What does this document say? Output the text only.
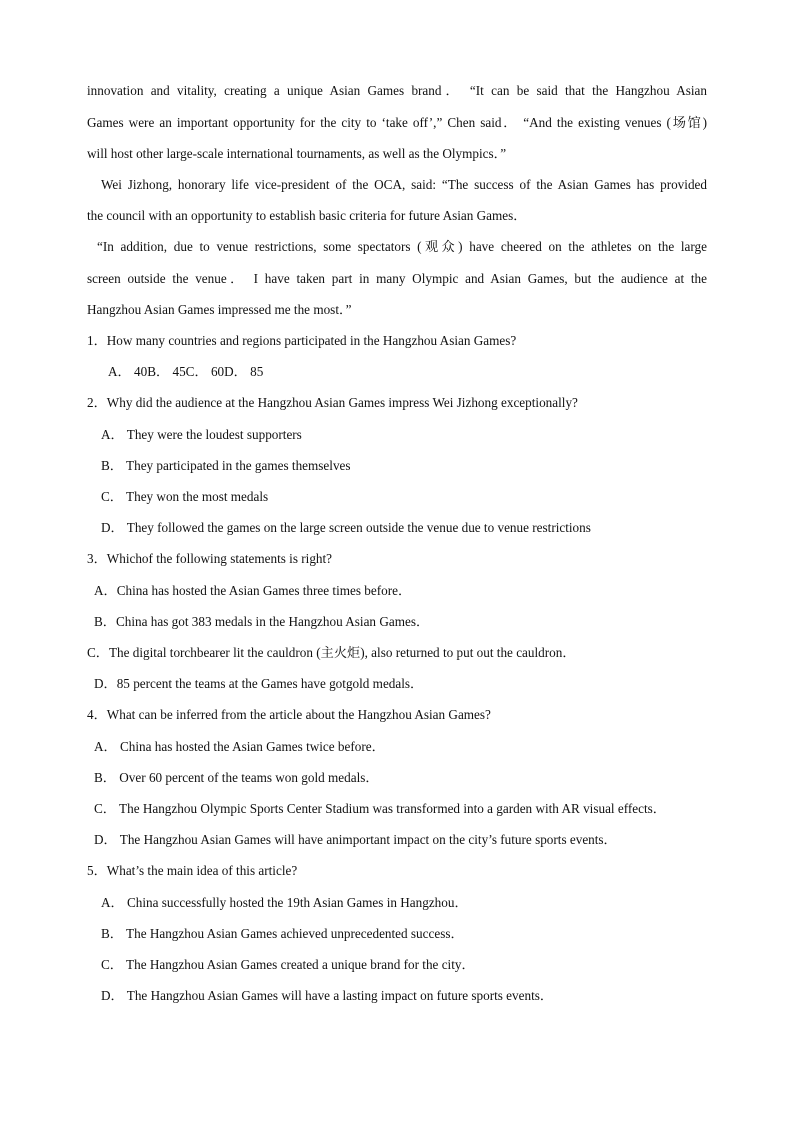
innovation and vitality, creating a unique Asian Games brand． “It can be said that the Hangzhou Asian
Games were an important opportunity for the city to ‘take off’,” Chen said． “And the existing venues (场馆)
will host other large-scale international tournaments, as well as the Olympics．”
Wei Jizhong, honorary life vice-president of the OCA, said: “The success of the Asian Games has provided
the council with an opportunity to establish basic criteria for future Asian Games．
“In addition, due to venue restrictions, some spectators (观众) have cheered on the athletes on the large
screen outside the venue． I have taken part in many Olympic and Asian Games, but the audience at the
Hangzhou Asian Games impressed me the most．”
1．How many countries and regions participated in the Hangzhou Asian Games?
A． 40B． 45C． 60D． 85
2．Why did the audience at the Hangzhou Asian Games impress Wei Jizhong exceptionally?
A． They were the loudest supporters
B． They participated in the games themselves
C． They won the most medals
D． They followed the games on the large screen outside the venue due to venue restrictions
3．Whichof the following statements is right?
A．China has hosted the Asian Games three times before．
B．China has got 383 medals in the Hangzhou Asian Games．
C．The digital torchbearer lit the cauldron (主火炬), also returned to put out the cauldron．
D．85 percent the teams at the Games have gotgold medals．
4．What can be inferred from the article about the Hangzhou Asian Games?
A． China has hosted the Asian Games twice before．
B． Over 60 percent of the teams won gold medals．
C． The Hangzhou Olympic Sports Center Stadium was transformed into a garden with AR visual effects．
D． The Hangzhou Asian Games will have animportant impact on the city’s future sports events．
5．What’s the main idea of this article?
A． China successfully hosted the 19th Asian Games in Hangzhou．
B． The Hangzhou Asian Games achieved unprecedented success．
C． The Hangzhou Asian Games created a unique brand for the city．
D． The Hangzhou Asian Games will have a lasting impact on future sports events．
